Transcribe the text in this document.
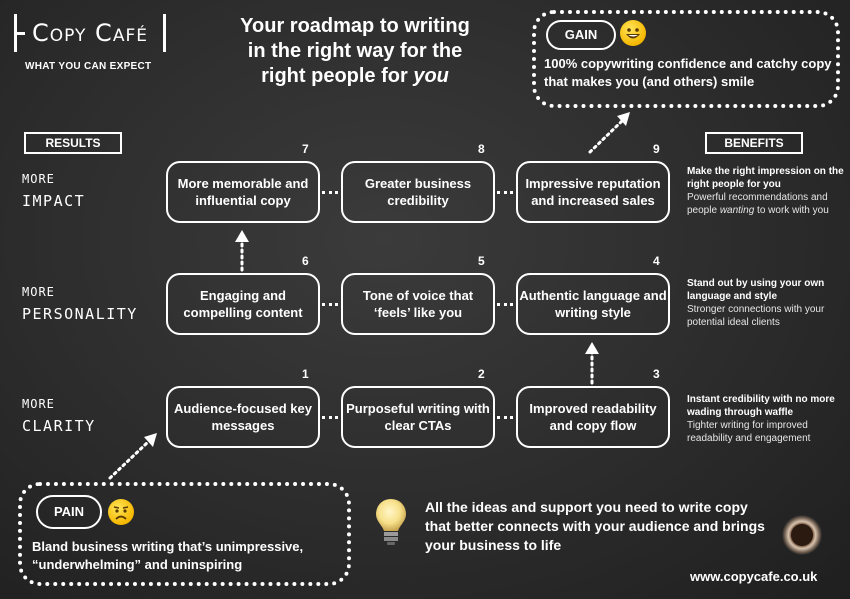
Copy Café
WHAT YOU CAN EXPECT
Your roadmap to writing
in the right way for the
right people for you
GAIN
100% copywriting confidence and catchy copy that makes you (and others) smile
RESULTS	BENEFITS
MORE
IMPACT
MORE
PERSONALITY
MORE
CLARITY
7	8	9
6	5	4
1	2	3
More memorable and influential copy
Greater business credibility
Impressive reputation and increased sales
Engaging and compelling content
Tone of voice that ‘feels’ like you
Authentic language and writing style
Audience-focused key messages
Purposeful writing with clear CTAs
Improved readability and copy flow
Make the right impression on the right people for you
Powerful recommendations and people wanting to work with you
Stand out by using your own language and style
Stronger connections with your potential ideal clients
Instant credibility with no more wading through waffle
Tighter writing for improved readability and engagement
PAIN
Bland business writing that’s unimpressive, “underwhelming” and uninspiring
All the ideas and support you need to write copy that better connects with your audience and brings your business to life
www.copycafe.co.uk
